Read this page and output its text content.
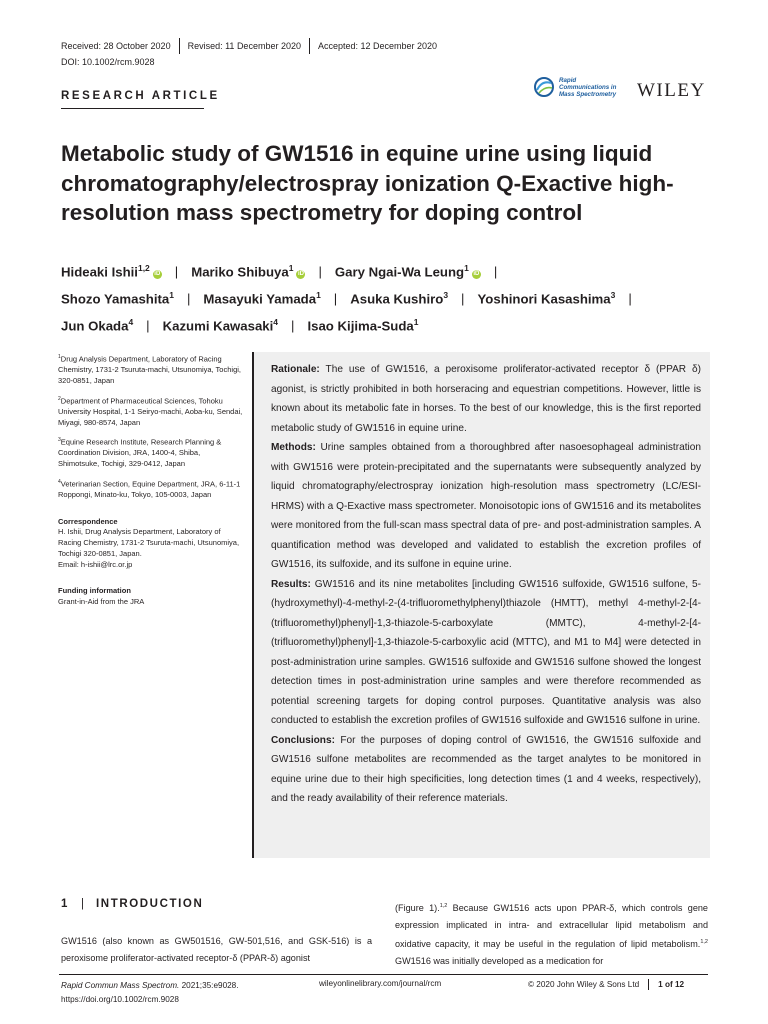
Received: 28 October 2020 Revised: 11 December 2020 Accepted: 12 December 2020
DOI: 10.1002/rcm.9028
RESEARCH ARTICLE
Rapid
Communications in
Mass Spectrometry WILEY
Metabolic study of GW1516 in equine urine using liquid chromatography/electrospray ionization Q-Exactive high-resolution mass spectrometry for doping control
Hideaki Ishii$^{1,2}$iD | Mariko Shibuya$^1$iD | Gary Ngai-Wa Leung$^1$iD |
Shozo Yamashita$^1$ | Masayuki Yamada$^1$ | Asuka Kushiro$^3$ | Yoshinori Kasashima$^3$ |
Jun Okada$^4$ | Kazumi Kawasaki$^4$ | Isao Kijima-Suda$^1$

$^1$Drug Analysis Department, Laboratory of Racing Chemistry, 1731-2 Tsuruta-machi, Utsunomiya, Tochigi, 320-0851, Japan

$^2$Department of Pharmaceutical Sciences, Tohoku University Hospital, 1-1 Seiryo-machi, Aoba-ku, Sendai, Miyagi, 980-8574, Japan

$^3$Equine Research Institute, Research Planning & Coordination Division, JRA, 1400-4, Shiba, Shimotsuke, Tochigi, 329-0412, Japan

$^4$Veterinarian Section, Equine Department, JRA, 6-11-1 Roppongi, Minato-ku, Tokyo, 105-0003, Japan

Correspondence
H. Ishii, Drug Analysis Department, Laboratory of Racing Chemistry, 1731-2 Tsuruta-machi, Utsunomiya, Tochigi 320-0851, Japan.
Email: h-ishii@lrc.or.jp

Funding information
Grant-in-Aid from the JRA

Rationale: The use of GW1516, a peroxisome proliferator-activated receptor δ (PPAR δ) agonist, is strictly prohibited in both horseracing and equestrian competitions. However, little is known about its metabolic fate in horses. To the best of our knowledge, this is the first reported metabolic study of GW1516 in equine urine.

Methods: Urine samples obtained from a thoroughbred after nasoesophageal administration with GW1516 were protein-precipitated and the supernatants were subsequently analyzed by liquid chromatography/electrospray ionization high-resolution mass spectrometry (LC/ESI-HRMS) with a Q-Exactive mass spectrometer. Monoisotopic ions of GW1516 and its metabolites were monitored from the full-scan mass spectral data of pre- and post-administration samples. A quantification method was developed and validated to establish the excretion profiles of GW1516, its sulfoxide, and its sulfone in equine urine.

Results: GW1516 and its nine metabolites [including GW1516 sulfoxide, GW1516 sulfone, 5-(hydroxymethyl)-4-methyl-2-(4-trifluoromethylphenyl)thiazole (HMTT), methyl 4-methyl-2-[4-(trifluoromethyl)phenyl]-1,3-thiazole-5-carboxylate (MMTC), 4-methyl-2-[4-(trifluoromethyl)phenyl]-1,3-thiazole-5-carboxylic acid (MTTC), and M1 to M4] were detected in post-administration urine samples. GW1516 sulfoxide and GW1516 sulfone showed the longest detection times in post-administration urine samples and were therefore recommended as potential screening targets for doping control purposes. Quantitative analysis was also conducted to establish the excretion profiles of GW1516 sulfoxide and GW1516 sulfone in urine.

Conclusions: For the purposes of doping control of GW1516, the GW1516 sulfoxide and GW1516 sulfone metabolites are recommended as the target analytes to be monitored in equine urine due to their high specificities, long detection times (1 and 4 weeks, respectively), and the ready availability of their reference materials.

1 | INTRODUCTION
GW1516 (also known as GW501516, GW-501,516, and GSK-516) is a peroxisome proliferator-activated receptor-δ (PPAR-δ) agonist
(Figure 1).$^{1,2}$ Because GW1516 acts upon PPAR-δ, which controls gene expression implicated in intra- and extracellular lipid metabolism and oxidative capacity, it may be useful in the regulation of lipid metabolism.$^{1,2}$ GW1516 was initially developed as a medication for
Rapid Commun Mass Spectrom. 2021;35:e9028.
https://doi.org/10.1002/rcm.9028
wileyonlinelibrary.com/journal/rcm	© 2020 John Wiley & Sons Ltd 1 of 12
